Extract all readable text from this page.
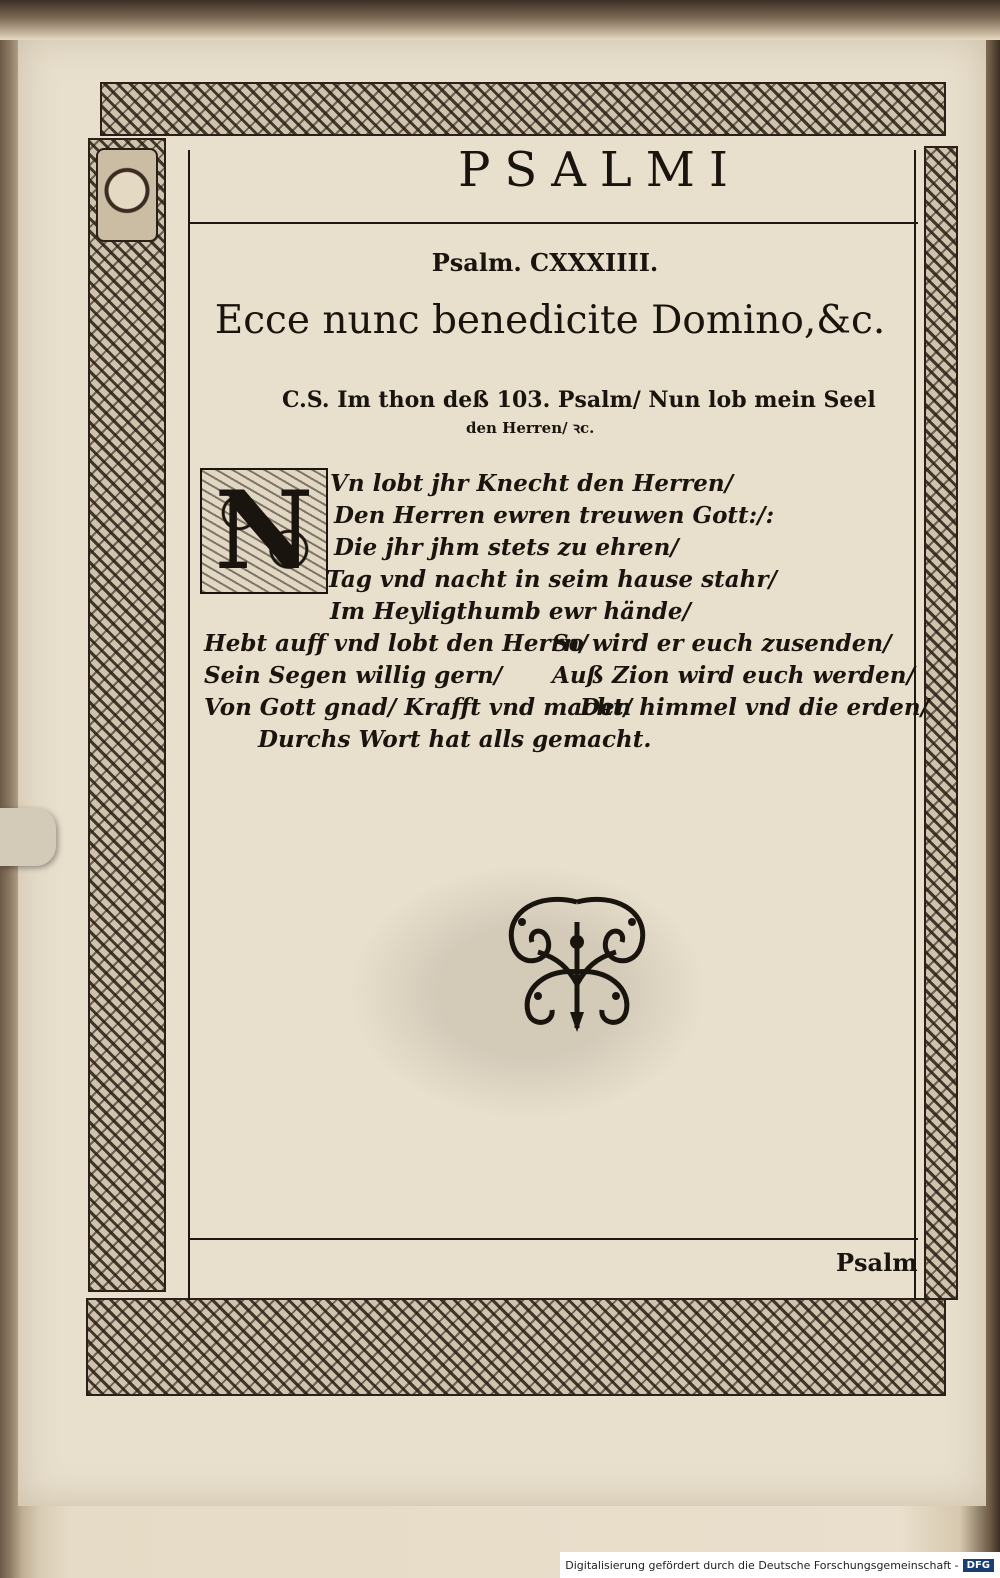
PSALMI
Psalm. CXXXIIII.
Ecce nunc benedicite Domino,&c.
C.S. Im thon deß 103. Psalm/ Nun lob mein Seel
den Herren/ ꝛc.
N Vn lobt jhr Knecht den Herren/
Den Herren ewren treuwen Gott:/:
Die jhr jhm stets zu ehren/
Tag vnd nacht in seim hause stahr/
Im Heyligthumb ewr hände/
Hebt auff vnd lobt den Herrn/
So wird er euch zusenden/
Sein Segen willig gern/ Auß Zion wird euch werden/
Von Gott gnad/ Krafft vnd macht/
Den himmel vnd die erden/
Durchs Wort hat alls gemacht.
Psalm
Digitalisierung gefördert durch die Deutsche Forschungsgemeinschaft - DFG
